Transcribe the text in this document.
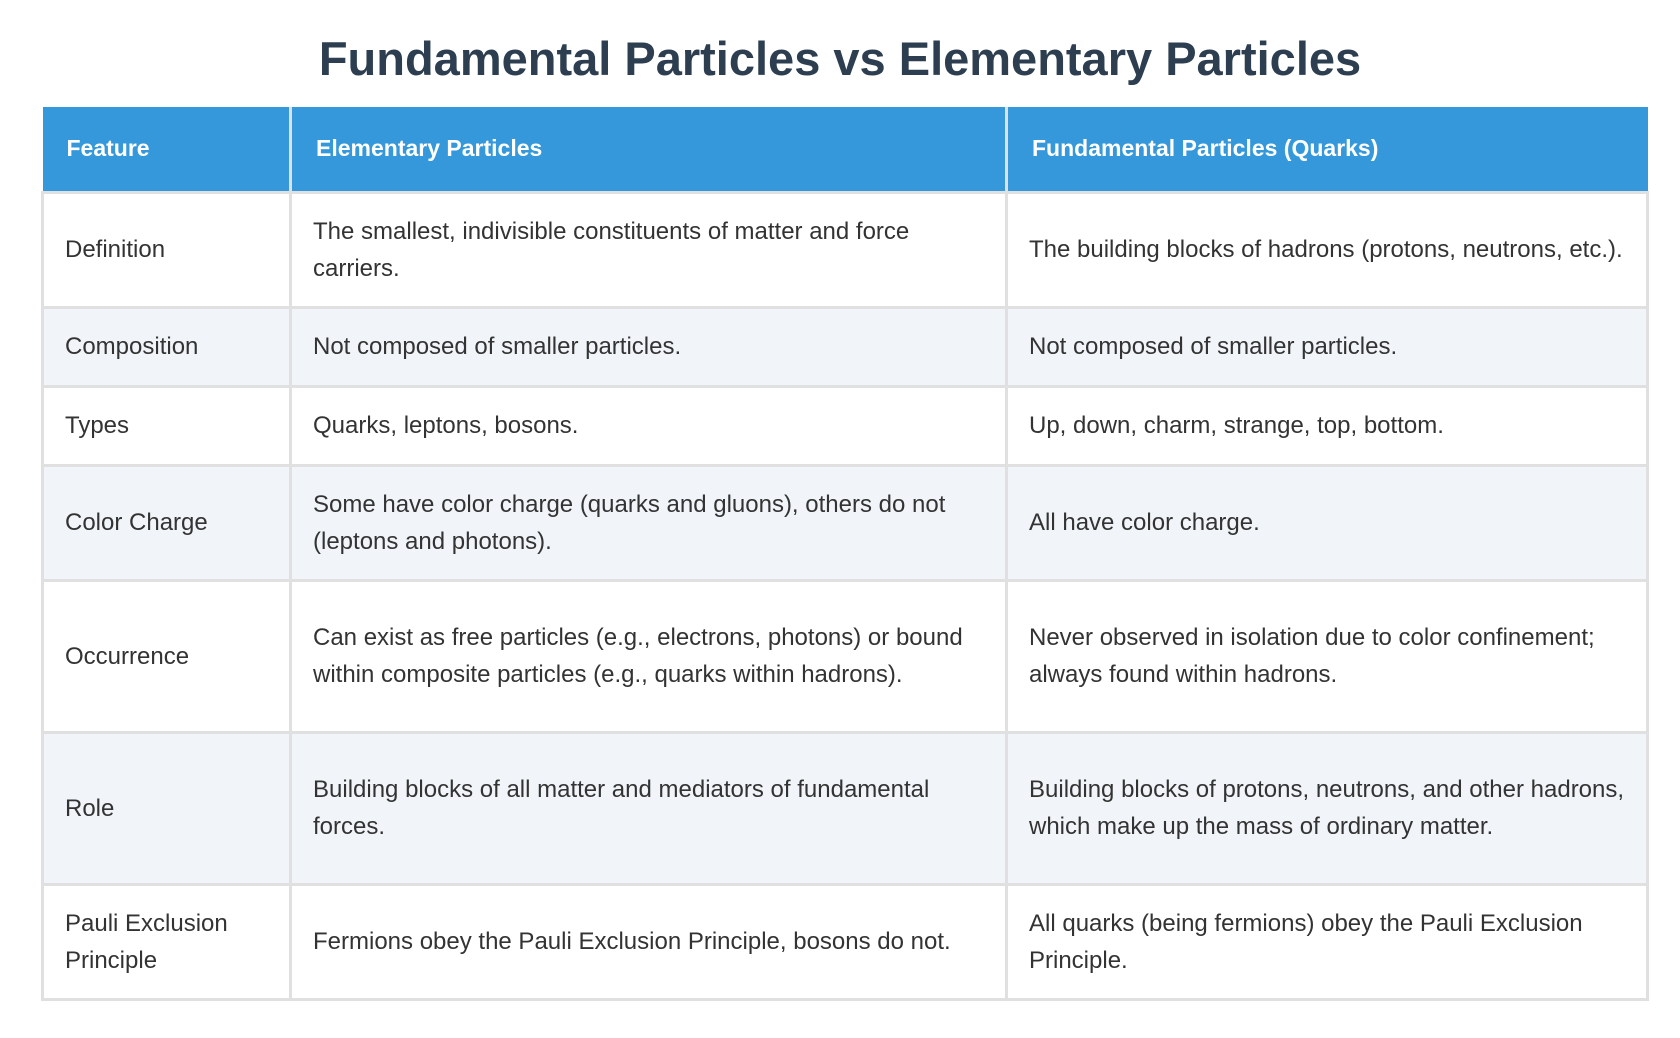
Fundamental Particles vs Elementary Particles
Feature	Elementary Particles	Fundamental Particles (Quarks)
Definition	The smallest, indivisible constituents of matter and force carriers.	The building blocks of hadrons (protons, neutrons, etc.).
Composition	Not composed of smaller particles.	Not composed of smaller particles.
Types	Quarks, leptons, bosons.	Up, down, charm, strange, top, bottom.
Color Charge	Some have color charge (quarks and gluons), others do not (leptons and photons).	All have color charge.
Occurrence	Can exist as free particles (e.g., electrons, photons) or bound within composite particles (e.g., quarks within hadrons).	Never observed in isolation due to color confinement; always found within hadrons.
Role	Building blocks of all matter and mediators of fundamental forces.	Building blocks of protons, neutrons, and other hadrons, which make up the mass of ordinary matter.
Pauli Exclusion Principle	Fermions obey the Pauli Exclusion Principle, bosons do not.	All quarks (being fermions) obey the Pauli Exclusion Principle.
